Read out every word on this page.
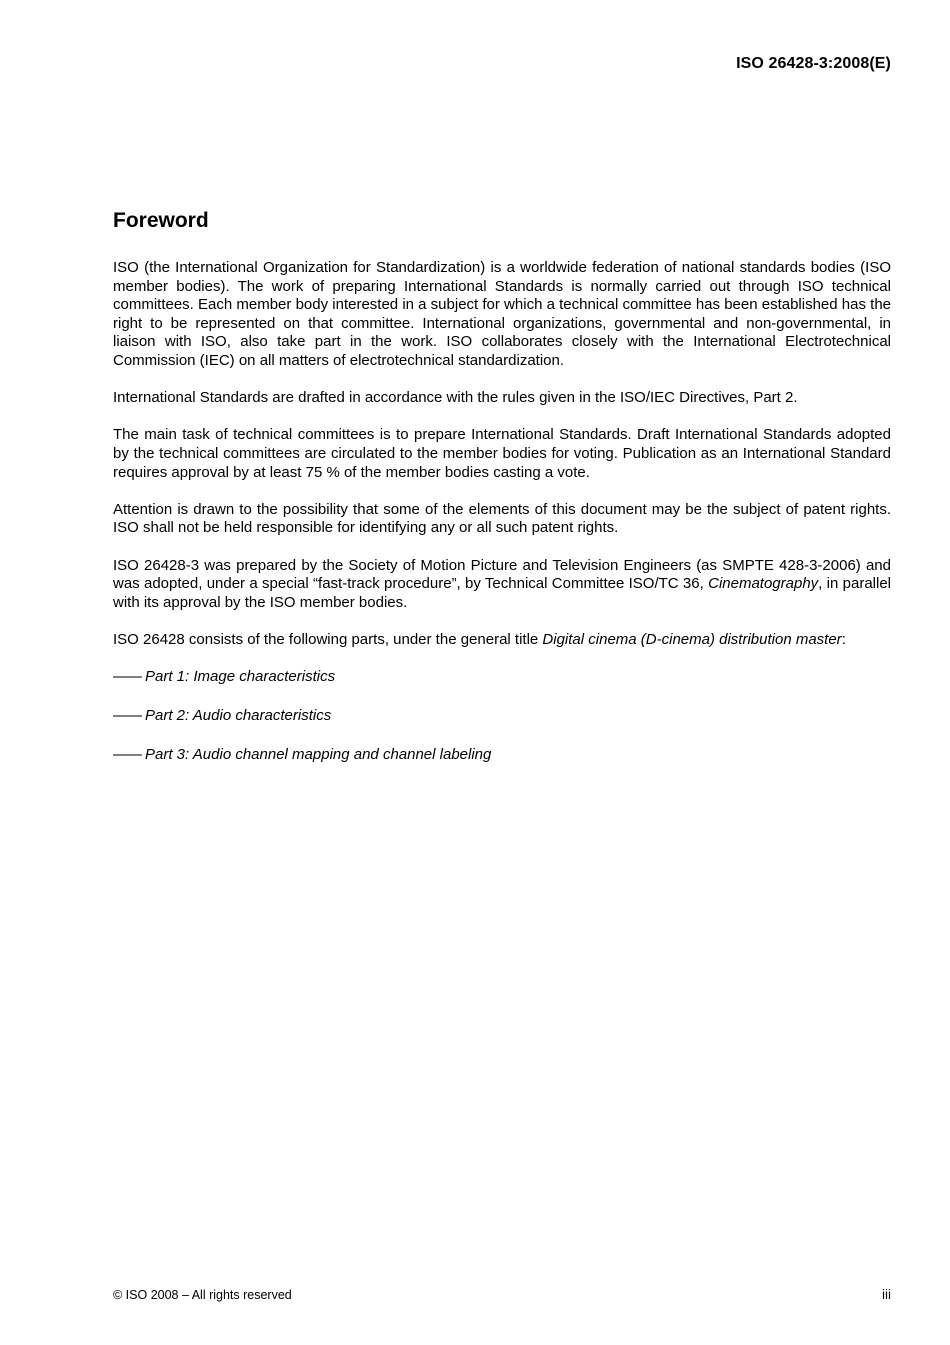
ISO 26428-3:2008(E)
Foreword

ISO (the International Organization for Standardization) is a worldwide federation of national standards bodies (ISO member bodies). The work of preparing International Standards is normally carried out through ISO technical committees. Each member body interested in a subject for which a technical committee has been established has the right to be represented on that committee. International organizations, governmental and non-governmental, in liaison with ISO, also take part in the work. ISO collaborates closely with the International Electrotechnical Commission (IEC) on all matters of electrotechnical standardization.

International Standards are drafted in accordance with the rules given in the ISO/IEC Directives, Part 2.

The main task of technical committees is to prepare International Standards. Draft International Standards adopted by the technical committees are circulated to the member bodies for voting. Publication as an International Standard requires approval by at least 75 % of the member bodies casting a vote.

Attention is drawn to the possibility that some of the elements of this document may be the subject of patent rights. ISO shall not be held responsible for identifying any or all such patent rights.

ISO 26428-3 was prepared by the Society of Motion Picture and Television Engineers (as SMPTE 428-3-2006) and was adopted, under a special “fast-track procedure”, by Technical Committee ISO/TC 36, Cinematography, in parallel with its approval by the ISO member bodies.

ISO 26428 consists of the following parts, under the general title Digital cinema (D-cinema) distribution master:

—— Part 1: Image characteristics
—— Part 2: Audio characteristics
—— Part 3: Audio channel mapping and channel labeling
© ISO 2008 – All rights reserved	iii
